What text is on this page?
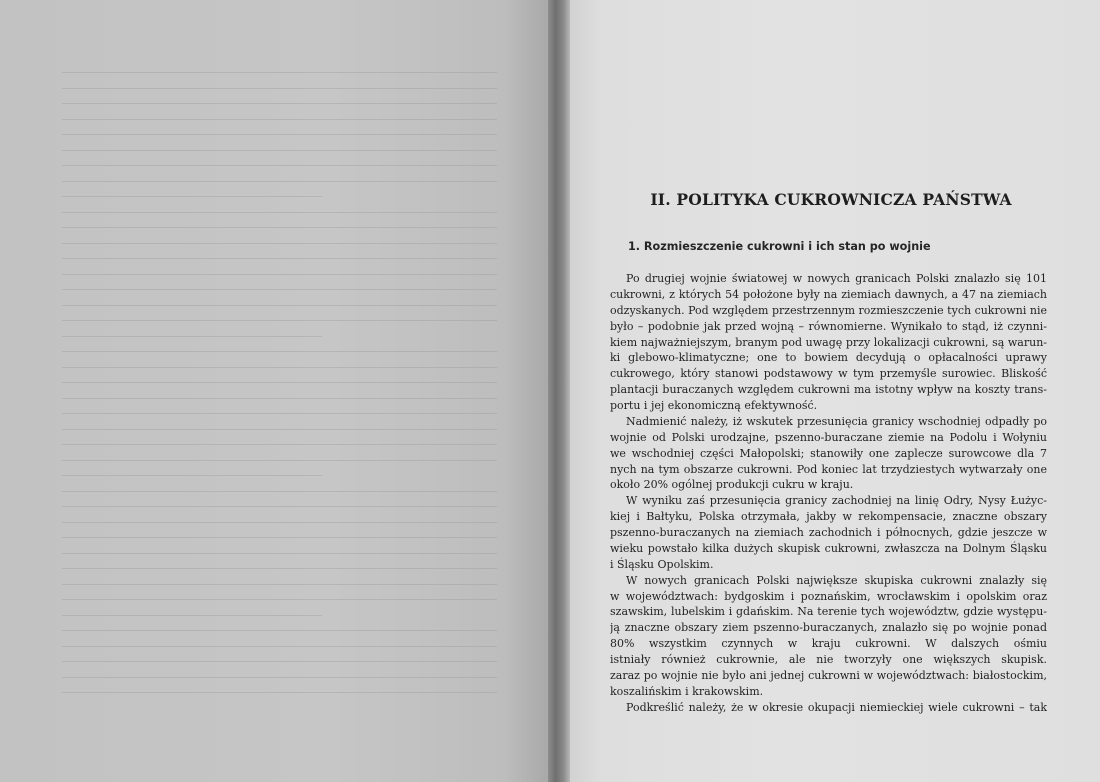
II. POLITYKA CUKROWNICZA PAŃSTWA
1. Rozmieszczenie cukrowni i ich stan po wojnie
Po drugiej wojnie światowej w nowych granicach Polski znalazło się 101
cukrowni, z których 54 położone były na ziemiach dawnych, a 47 na ziemiach
odzyskanych. Pod względem przestrzennym rozmieszczenie tych cukrowni nie
było – podobnie jak przed wojną – równomierne. Wynikało to stąd, iż czynni-
kiem najważniejszym, branym pod uwagę przy lokalizacji cukrowni, są warun-
ki glebowo-klimatyczne; one to bowiem decydują o opłacalności uprawy
cukrowego, który stanowi podstawowy w tym przemyśle surowiec. Bliskość
plantacji buraczanych względem cukrowni ma istotny wpływ na koszty trans-
portu i jej ekonomiczną efektywność.
Nadmienić należy, iż wskutek przesunięcia granicy wschodniej odpadły po
wojnie od Polski urodzajne, pszenno-buraczane ziemie na Podolu i Wołyniu
we wschodniej części Małopolski; stanowiły one zaplecze surowcowe dla 7
nych na tym obszarze cukrowni. Pod koniec lat trzydziestych wytwarzały one
około 20% ogólnej produkcji cukru w kraju.
W wyniku zaś przesunięcia granicy zachodniej na linię Odry, Nysy Łużyc-
kiej i Bałtyku, Polska otrzymała, jakby w rekompensacie, znaczne obszary
pszenno-buraczanych na ziemiach zachodnich i północnych, gdzie jeszcze w
wieku powstało kilka dużych skupisk cukrowni, zwłaszcza na Dolnym Śląsku
i Śląsku Opolskim.
W nowych granicach Polski największe skupiska cukrowni znalazły się
w województwach: bydgoskim i poznańskim, wrocławskim i opolskim oraz
szawskim, lubelskim i gdańskim. Na terenie tych województw, gdzie występu-
ją znaczne obszary ziem pszenno-buraczanych, znalazło się po wojnie ponad
80% wszystkim czynnych w kraju cukrowni. W dalszych ośmiu
istniały również cukrownie, ale nie tworzyły one większych skupisk.
zaraz po wojnie nie było ani jednej cukrowni w województwach: białostockim,
koszalińskim i krakowskim.
Podkreślić należy, że w okresie okupacji niemieckiej wiele cukrowni – tak
